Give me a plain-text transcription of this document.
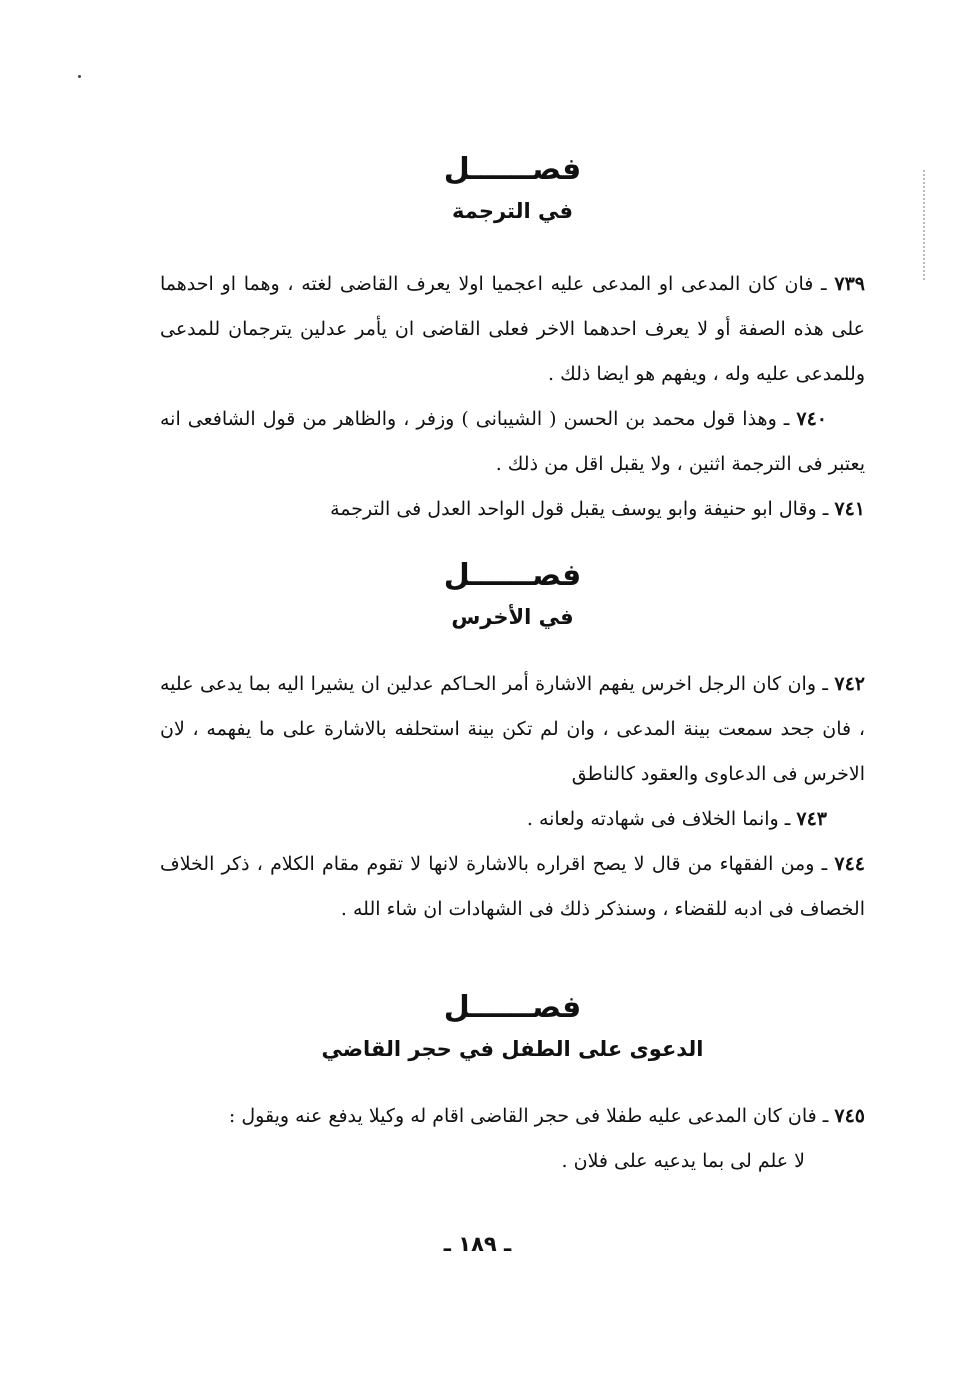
فصــــــل
في الترجمة

٧٣٩ ـ فان كان المدعى او المدعى عليه اعجميا اولا يعرف القاضى لغته ، وهما او احدهما على هذه الصفة أو لا يعرف احدهما الاخر فعلى القاضى ان يأمر عدلين يترجمان للمدعى وللمدعى عليه وله ، ويفهم هو ايضا ذلك .

٧٤٠ ـ وهذا قول محمد بن الحسن ( الشيبانى ) وزفر ، والظاهر من قول الشافعى انه يعتبر فى الترجمة اثنين ، ولا يقبل اقل من ذلك .

٧٤١ ـ وقال ابو حنيفة وابو يوسف يقبل قول الواحد العدل فى الترجمة

فصــــــل
في الأخرس

٧٤٢ ـ وان كان الرجل اخرس يفهم الاشارة أمر الحـاكم عدلين ان يشيرا اليه بما يدعى عليه ، فان جحد سمعت بينة المدعى ، وان لم تكن بينة استحلفه بالاشارة على ما يفهمه ، لان الاخرس فى الدعاوى والعقود كالناطق

٧٤٣ ـ وانما الخلاف فى شهادته ولعانه .

٧٤٤ ـ ومن الفقهاء من قال لا يصح اقراره بالاشارة لانها لا تقوم مقام الكلام ، ذكر الخلاف الخصاف فى ادبه للقضاء ، وسنذكر ذلك فى الشهادات ان شاء الله .

فصــــــل
الدعوى على الطفل في حجر القاضي

٧٤٥ ـ فان كان المدعى عليه طفلا فى حجر القاضى اقام له وكيلا يدفع عنه ويقول :

لا علم لى بما يدعيه على فلان .

ـ ١٨٩ ـ
